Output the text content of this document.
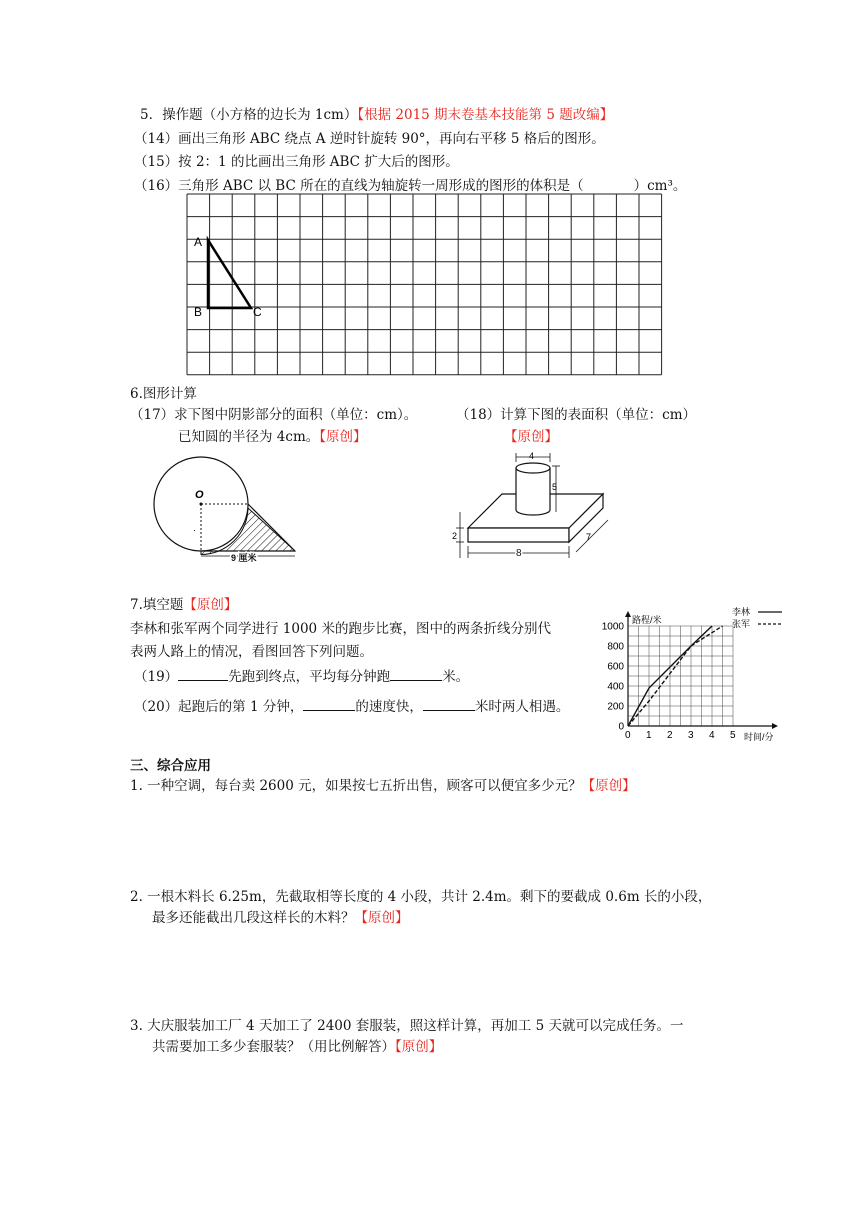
5．操作题（小方格的边长为 1cm）【根据 2015 期末卷基本技能第 5 题改编】
（14）画出三角形 ABC 绕点 A 逆时针旋转 90°，再向右平移 5 格后的图形。
（15）按 2：1 的比画出三角形 ABC 扩大后的图形。
（16）三角形 ABC 以 BC 所在的直线为轴旋转一周形成的图形的体积是（	）cm³。
A
B	C
6.图形计算
（17）求下图中阴影部分的面积（单位：cm）。
已知圆的半径为 4cm。【原创】
（18）计算下图的表面积（单位：cm）
【原创】
O
9 厘米
·
4
5
2
8
7
7.填空题【原创】
李林和张军两个同学进行 1000 米的跑步比赛，图中的两条折线分别代
表两人路上的情况，看图回答下列问题。
（19）	先跑到终点，平均每分钟跑	米。
（20）起跑后的第 1 分钟，	的速度快，	米时两人相遇。
0 1 2 3 4 5
0
200
400
600
800
1000
路程/米
时间/分
李林
张军
三、综合应用
1. 一种空调，每台卖 2600 元，如果按七五折出售，顾客可以便宜多少元？【原创】
2. 一根木料长 6.25m，先截取相等长度的 4 小段，共计 2.4m。剩下的要截成 0.6m 长的小段，
最多还能截出几段这样长的木料？【原创】
3. 大庆服装加工厂 4 天加工了 2400 套服装，照这样计算，再加工 5 天就可以完成任务。一
共需要加工多少套服装？（用比例解答）【原创】
